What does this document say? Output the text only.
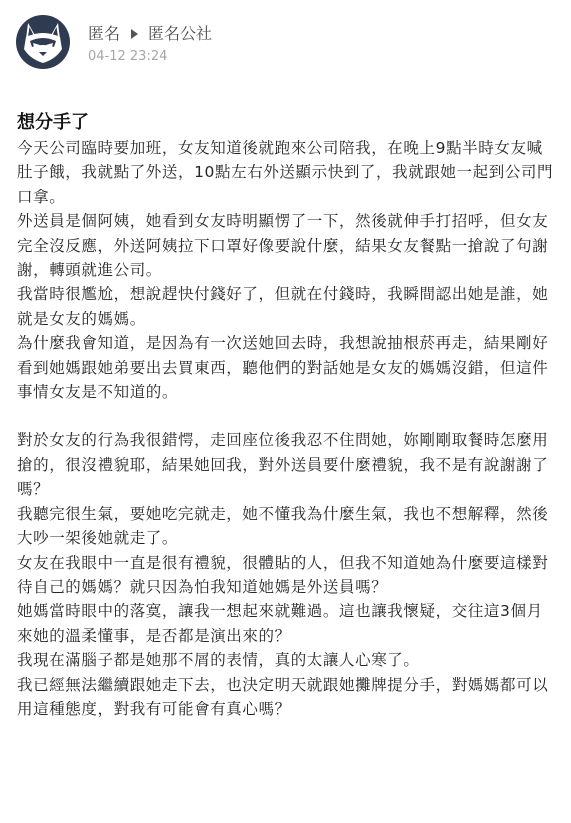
匿名 匿名公社
04-12 23:24
想分手了

今天公司臨時要加班，女友知道後就跑來公司陪我，在晚上9點半時女友喊肚子餓，我就點了外送，10點左右外送顯示快到了，我就跟她一起到公司門口拿。

外送員是個阿姨，她看到女友時明顯愣了一下，然後就伸手打招呼，但女友完全沒反應，外送阿姨拉下口罩好像要說什麼，結果女友餐點一搶說了句謝謝，轉頭就進公司。

我當時很尷尬，想說趕快付錢好了，但就在付錢時，我瞬間認出她是誰，她就是女友的媽媽。

為什麼我會知道，是因為有一次送她回去時，我想說抽根菸再走，結果剛好看到她媽跟她弟要出去買東西，聽他們的對話她是女友的媽媽沒錯，但這件事情女友是不知道的。

對於女友的行為我很錯愕，走回座位後我忍不住問她，妳剛剛取餐時怎麼用搶的，很沒禮貌耶，結果她回我，對外送員要什麼禮貌，我不是有說謝謝了嗎？

我聽完很生氣，要她吃完就走，她不懂我為什麼生氣，我也不想解釋，然後大吵一架後她就走了。

女友在我眼中一直是很有禮貌，很體貼的人，但我不知道她為什麼要這樣對待自己的媽媽？就只因為怕我知道她媽是外送員嗎？

她媽當時眼中的落寞，讓我一想起來就難過。這也讓我懷疑，交往這3個月來她的溫柔懂事，是否都是演出來的？

我現在滿腦子都是她那不屑的表情，真的太讓人心寒了。

我已經無法繼續跟她走下去，也決定明天就跟她攤牌提分手，對媽媽都可以用這種態度，對我有可能會有真心嗎？
